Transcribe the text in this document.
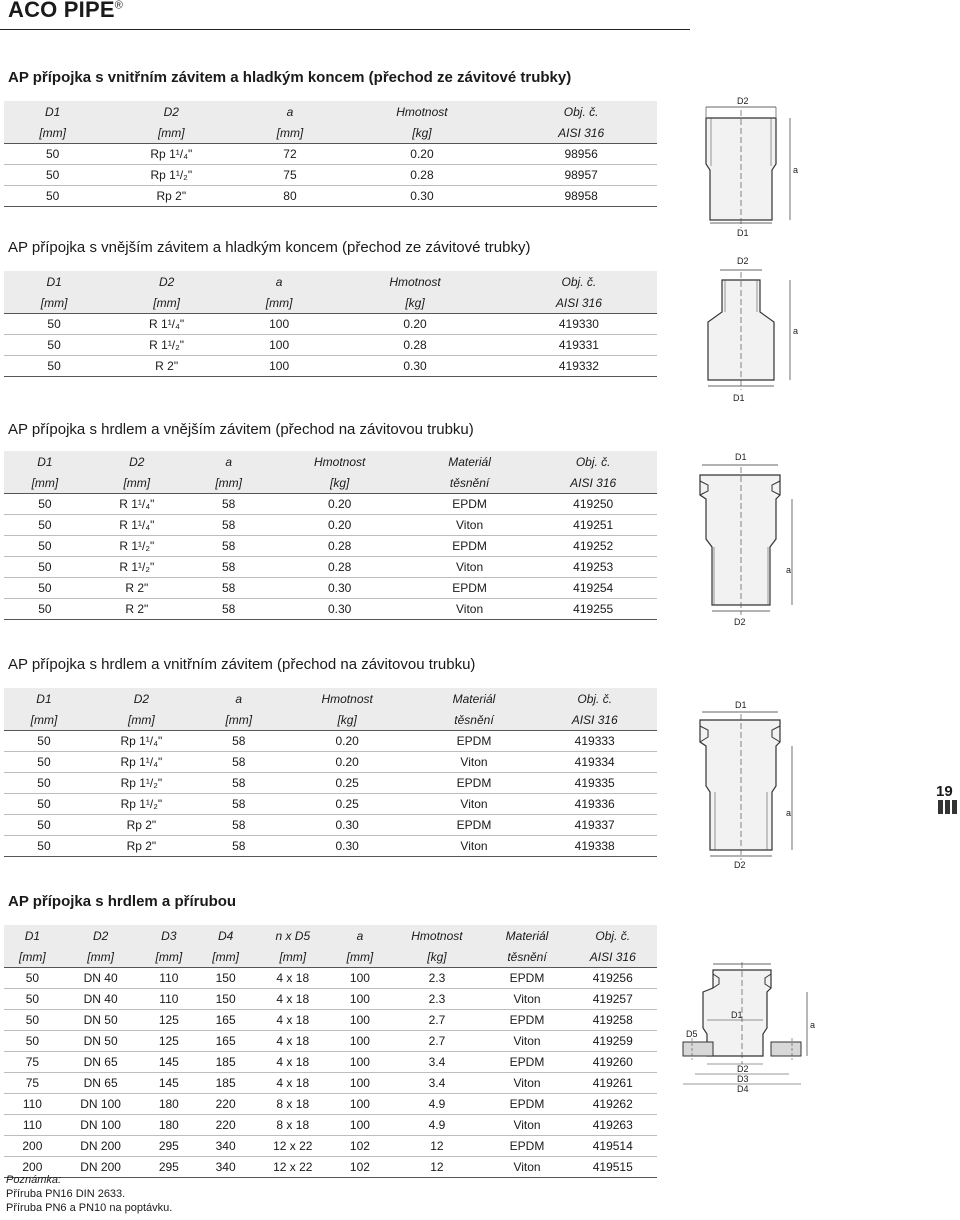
ACO PIPE®
AP přípojka s vnitřním závitem a hladkým koncem (přechod ze závitové trubky)
D1	D2	a	Hmotnost	Obj. č.
[mm]	[mm]	[mm]	[kg]	AISI 316
50	Rp 1¹/₄"	72	0.20	98956
50	Rp 1¹/₂"	75	0.28	98957
50	Rp 2"	80	0.30	98958
AP přípojka s vnějším závitem a hladkým koncem (přechod ze závitové trubky)
D1	D2	a	Hmotnost	Obj. č.
[mm]	[mm]	[mm]	[kg]	AISI 316
50	R 1¹/₄"	100	0.20	419330
50	R 1¹/₂"	100	0.28	419331
50	R 2"	100	0.30	419332
AP přípojka s hrdlem a vnějším závitem (přechod na závitovou trubku)
D1	D2	a	Hmotnost	Materiál	Obj. č.
[mm]	[mm]	[mm]	[kg]	těsnění	AISI 316
50	R 1¹/₄"	58	0.20	EPDM	419250
50	R 1¹/₄"	58	0.20	Viton	419251
50	R 1¹/₂"	58	0.28	EPDM	419252
50	R 1¹/₂"	58	0.28	Viton	419253
50	R 2"	58	0.30	EPDM	419254
50	R 2"	58	0.30	Viton	419255
AP přípojka s hrdlem a vnitřním závitem (přechod na závitovou trubku)
D1	D2	a	Hmotnost	Materiál	Obj. č.
[mm]	[mm]	[mm]	[kg]	těsnění	AISI 316
50	Rp 1¹/₄"	58	0.20	EPDM	419333
50	Rp 1¹/₄"	58	0.20	Viton	419334
50	Rp 1¹/₂"	58	0.25	EPDM	419335
50	Rp 1¹/₂"	58	0.25	Viton	419336
50	Rp 2"	58	0.30	EPDM	419337
50	Rp 2"	58	0.30	Viton	419338
AP přípojka s hrdlem a přírubou
D1	D2	D3	D4	n x D5	a	Hmotnost	Materiál	Obj. č.
[mm]	[mm]	[mm]	[mm]	[mm]	[mm]	[kg]	těsnění	AISI 316
50	DN 40	110	150	4 x 18	100	2.3	EPDM	419256
50	DN 40	110	150	4 x 18	100	2.3	Viton	419257
50	DN 50	125	165	4 x 18	100	2.7	EPDM	419258
50	DN 50	125	165	4 x 18	100	2.7	Viton	419259
75	DN 65	145	185	4 x 18	100	3.4	EPDM	419260
75	DN 65	145	185	4 x 18	100	3.4	Viton	419261
110	DN 100	180	220	8 x 18	100	4.9	EPDM	419262
110	DN 100	180	220	8 x 18	100	4.9	Viton	419263
200	DN 200	295	340	12 x 22	102	12	EPDM	419514
200	DN 200	295	340	12 x 22	102	12	Viton	419515
Poznámka:
Příruba PN16 DIN 2633.
Příruba PN6 a PN10 na poptávku.
19
D2
a
D1
D2
a
D1
D1
a
D2
D1
a
D2
D5
D1
a
D2
D3
D4
